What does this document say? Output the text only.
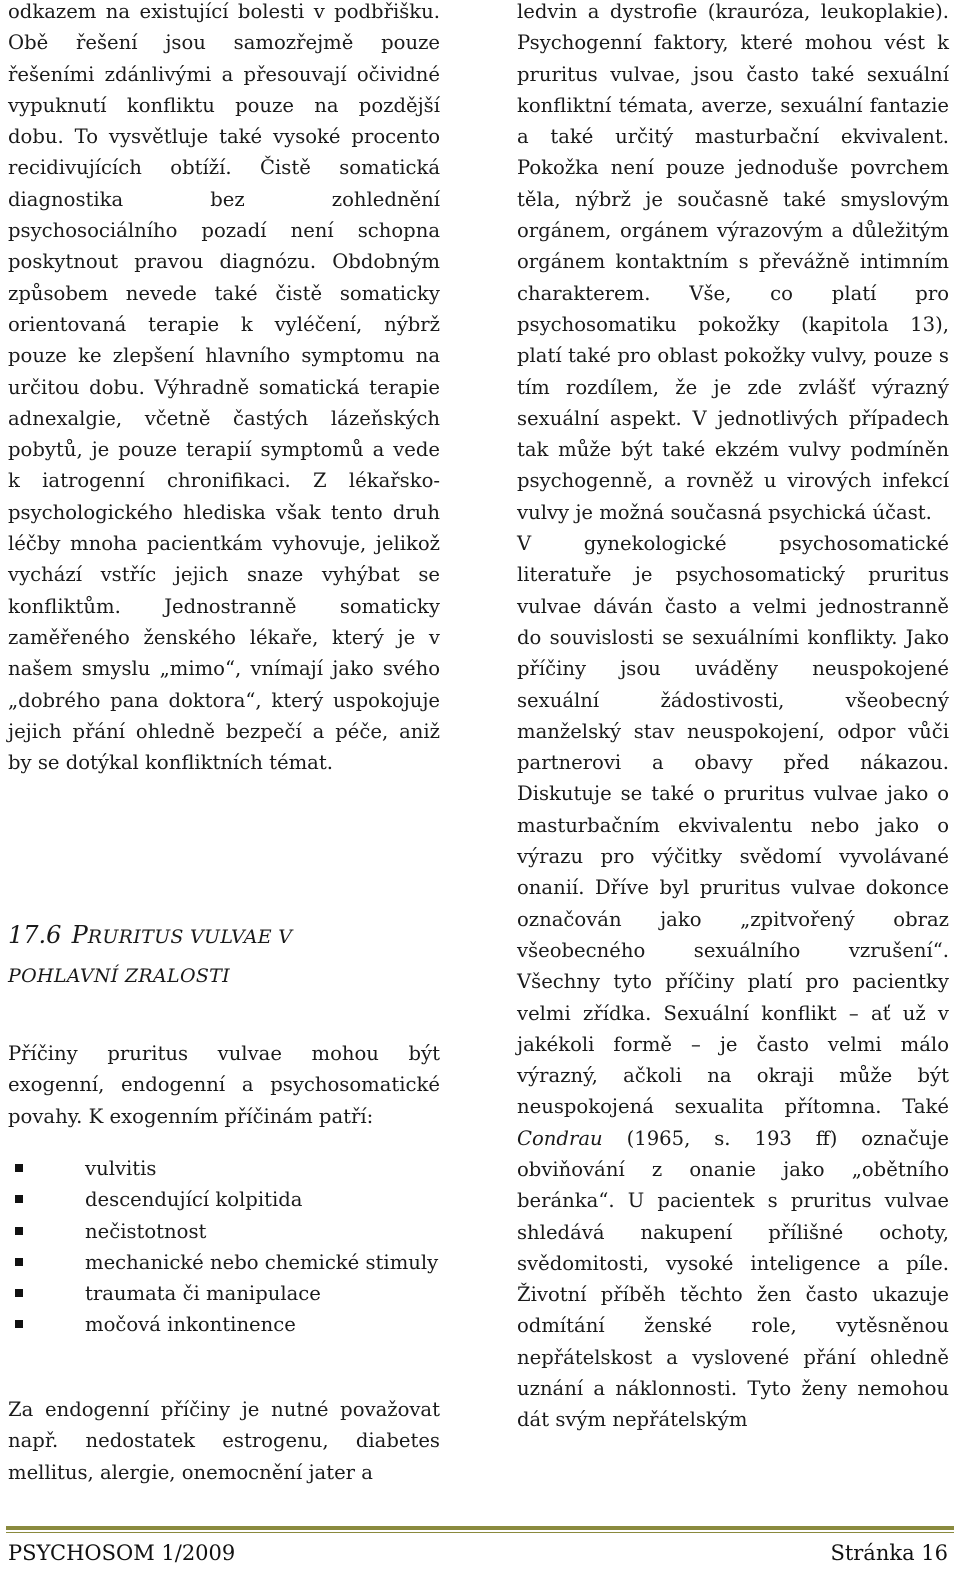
odkazem na existující bolesti v podbřišku. Obě řešení jsou samozřejmě pouze řešeními zdánlivými a přesouvají očividné vypuknutí konfliktu pouze na pozdější dobu. To vysvětluje také vysoké procento recidivujících obtíží. Čistě somatická diagnostika bez zohlednění psychosociálního pozadí není schopna poskytnout pravou diagnózu. Obdobným způsobem nevede také čistě somaticky orientovaná terapie k vyléčení, nýbrž pouze ke zlepšení hlavního symptomu na určitou dobu. Výhradně somatická terapie adnexalgie, včetně častých lázeňských pobytů, je pouze terapií symptomů a vede k iatrogenní chronifikaci. Z lékařsko-psychologického hlediska však tento druh léčby mnoha pacientkám vyhovuje, jelikož vychází vstříc jejich snaze vyhýbat se konfliktům. Jednostranně somaticky zaměřeného ženského lékaře, který je v našem smyslu „mimo“, vnímají jako svého „dobrého pana doktora“, který uspokojuje jejich přání ohledně bezpečí a péče, aniž by se dotýkal konfliktních témat.

17.6 PRURITUS VULVAE V
POHLAVNÍ ZRALOSTI
Příčiny pruritus vulvae mohou být exogenní, endogenní a psychosomatické povahy. K exogenním příčinám patří:
vulvitis
descendující kolpitida
nečistotnost
mechanické nebo chemické stimuly
traumata či manipulace
močová inkontinence
Za endogenní příčiny je nutné považovat např. nedostatek estrogenu, diabetes mellitus, alergie, onemocnění jater a

ledvin a dystrofie (krauróza, leukoplakie). Psychogenní faktory, které mohou vést k pruritus vulvae, jsou často také sexuální konfliktní témata, averze, sexuální fantazie a také určitý masturbační ekvivalent. Pokožka není pouze jednoduše povrchem těla, nýbrž je současně také smyslovým orgánem, orgánem výrazovým a důležitým orgánem kontaktním s převážně intimním charakterem. Vše, co platí pro psychosomatiku pokožky (kapitola 13), platí také pro oblast pokožky vulvy, pouze s tím rozdílem, že je zde zvlášť výrazný sexuální aspekt. V jednotlivých případech tak může být také ekzém vulvy podmíněn psychogenně, a rovněž u virových infekcí vulvy je možná současná psychická účast.

V gynekologické psychosomatické literatuře je psychosomatický pruritus vulvae dáván často a velmi jednostranně do souvislosti se sexuálními konflikty. Jako příčiny jsou uváděny neuspokojené sexuální žádostivosti, všeobecný manželský stav neuspokojení, odpor vůči partnerovi a obavy před nákazou. Diskutuje se také o pruritus vulvae jako o masturbačním ekvivalentu nebo jako o výrazu pro výčitky svědomí vyvolávané onanií. Dříve byl pruritus vulvae dokonce označován jako „zpitvořený obraz všeobecného sexuálního vzrušení“. Všechny tyto příčiny platí pro pacientky velmi zřídka. Sexuální konflikt – ať už v jakékoli formě – je často velmi málo výrazný, ačkoli na okraji může být neuspokojená sexualita přítomna. Také Condrau (1965, s. 193 ff) označuje obviňování z onanie jako „obětního beránka“. U pacientek s pruritus vulvae shledává nakupení přílišné ochoty, svědomitosti, vysoké inteligence a píle. Životní příběh těchto žen často ukazuje odmítání ženské role, vytěsněnou nepřátelskost a vyslovené přání ohledně uznání a náklonnosti. Tyto ženy nemohou dát svým nepřátelským

PSYCHOSOM 1/2009	Stránka 16
